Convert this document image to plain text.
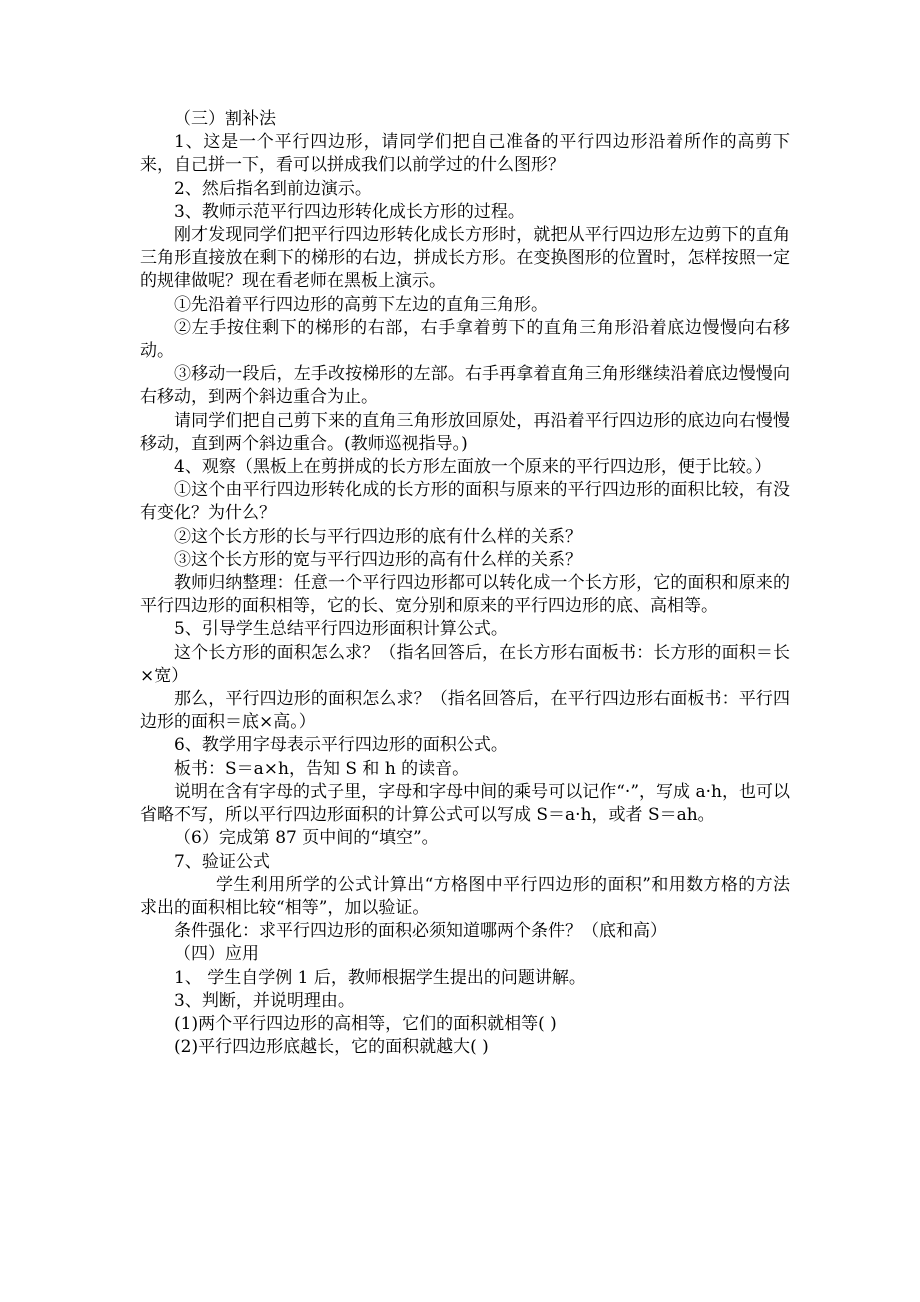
（三）割补法

1、这是一个平行四边形，请同学们把自己准备的平行四边形沿着所作的高剪下来，自己拼一下，看可以拼成我们以前学过的什么图形？

2、然后指名到前边演示。

3、教师示范平行四边形转化成长方形的过程。

刚才发现同学们把平行四边形转化成长方形时，就把从平行四边形左边剪下的直角三角形直接放在剩下的梯形的右边，拼成长方形。在变换图形的位置时，怎样按照一定的规律做呢？现在看老师在黑板上演示。

①先沿着平行四边形的高剪下左边的直角三角形。

②左手按住剩下的梯形的右部，右手拿着剪下的直角三角形沿着底边慢慢向右移动。

③移动一段后，左手改按梯形的左部。右手再拿着直角三角形继续沿着底边慢慢向右移动，到两个斜边重合为止。

请同学们把自己剪下来的直角三角形放回原处，再沿着平行四边形的底边向右慢慢移动，直到两个斜边重合。(教师巡视指导。)

4、观察（黑板上在剪拼成的长方形左面放一个原来的平行四边形，便于比较。）

①这个由平行四边形转化成的长方形的面积与原来的平行四边形的面积比较，有没有变化？为什么？

②这个长方形的长与平行四边形的底有什么样的关系？

③这个长方形的宽与平行四边形的高有什么样的关系？

教师归纳整理：任意一个平行四边形都可以转化成一个长方形，它的面积和原来的平行四边形的面积相等，它的长、宽分别和原来的平行四边形的底、高相等。

5、引导学生总结平行四边形面积计算公式。

这个长方形的面积怎么求？（指名回答后，在长方形右面板书：长方形的面积＝长×宽）

那么，平行四边形的面积怎么求？（指名回答后，在平行四边形右面板书：平行四边形的面积＝底×高。）

6、教学用字母表示平行四边形的面积公式。

板书：S＝a×h，告知 S 和 h 的读音。

说明在含有字母的式子里，字母和字母中间的乘号可以记作“·”，写成 a·h，也可以省略不写，所以平行四边形面积的计算公式可以写成 S＝a·h，或者 S＝ah。

（6）完成第 87 页中间的“填空”。

7、验证公式

学生利用所学的公式计算出“方格图中平行四边形的面积”和用数方格的方法求出的面积相比较“相等”，加以验证。

条件强化：求平行四边形的面积必须知道哪两个条件？（底和高）

（四）应用

1、 学生自学例 1 后，教师根据学生提出的问题讲解。

3、判断，并说明理由。

(1)两个平行四边形的高相等，它们的面积就相等( )

(2)平行四边形底越长，它的面积就越大( )
